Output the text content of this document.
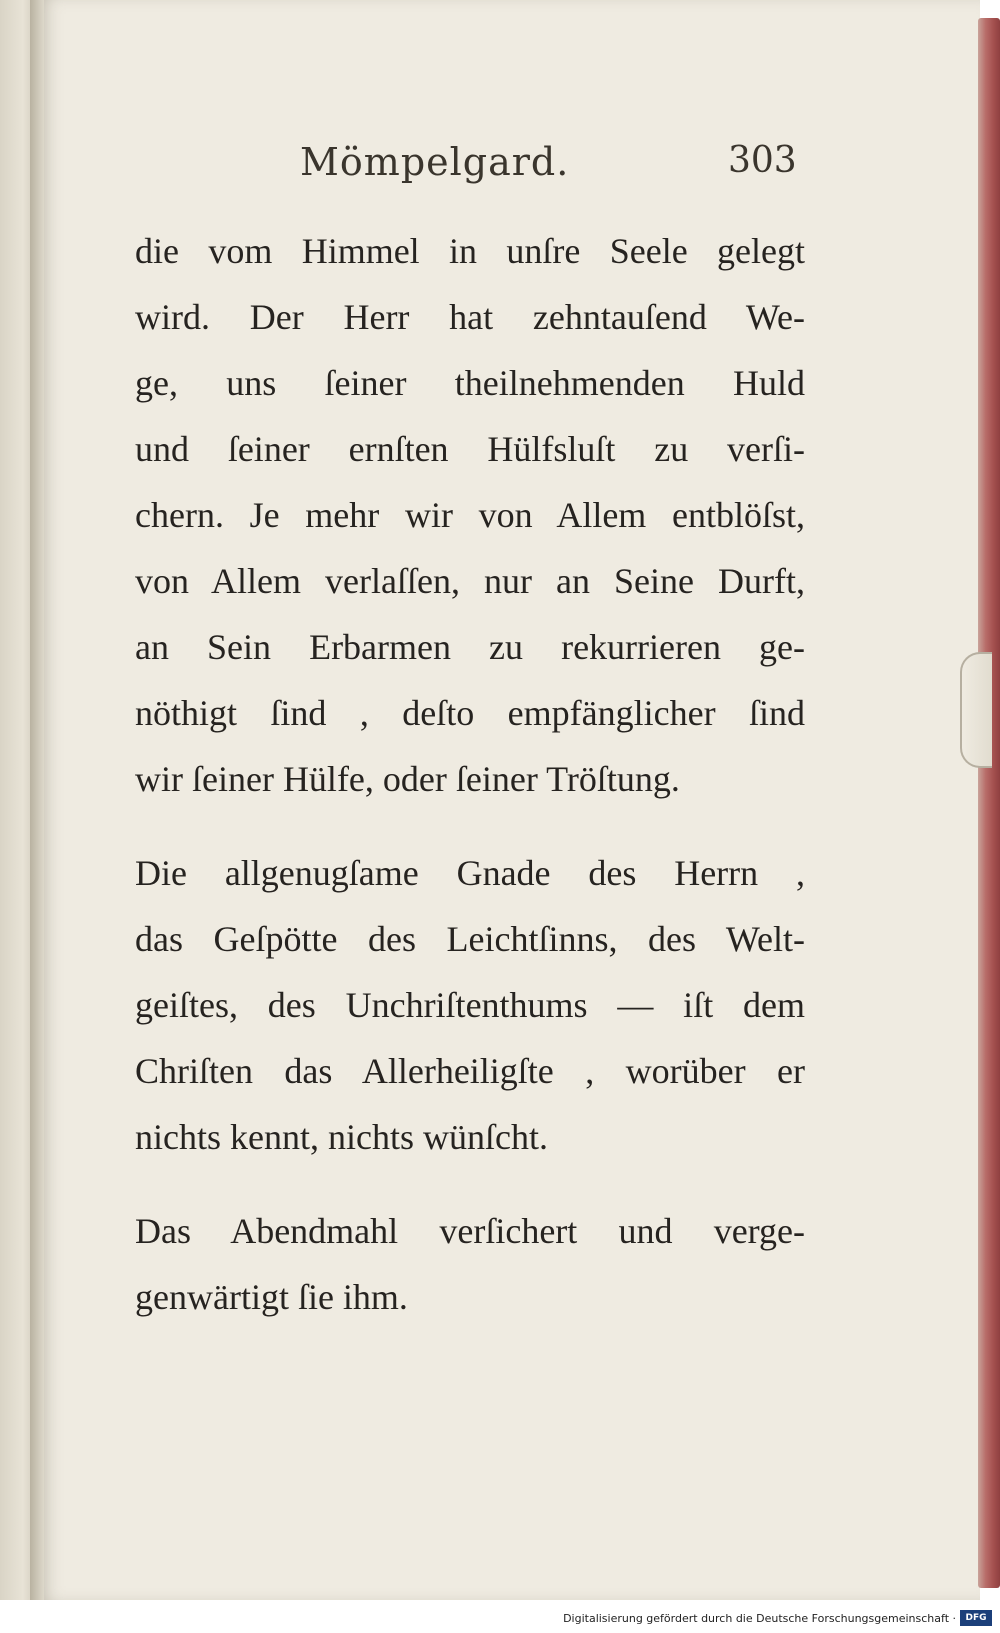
Mömpelgard.	303
die vom Himmel in unſre Seele gelegt
wird. Der Herr hat zehntauſend We-
ge, uns ſeiner theilnehmenden Huld
und ſeiner ernſten Hülfsluſt zu verſi-
chern. Je mehr wir von Allem entblöſst,
von Allem verlaſſen, nur an Seine Durft,
an Sein Erbarmen zu rekurrieren ge-
nöthigt ſind , deſto empfänglicher ſind
wir ſeiner Hülfe, oder ſeiner Tröſtung.
Die allgenugſame Gnade des Herrn ,
das Geſpötte des Leichtſinns, des Welt-
geiſtes, des Unchriſtenthums — iſt dem
Chriſten das Allerheiligſte , worüber er
nichts kennt, nichts wünſcht.
Das Abendmahl verſichert und verge-
genwärtigt ſie ihm.
Digitalisierung gefördert durch die Deutsche Forschungsgemeinschaft ·	DFG
